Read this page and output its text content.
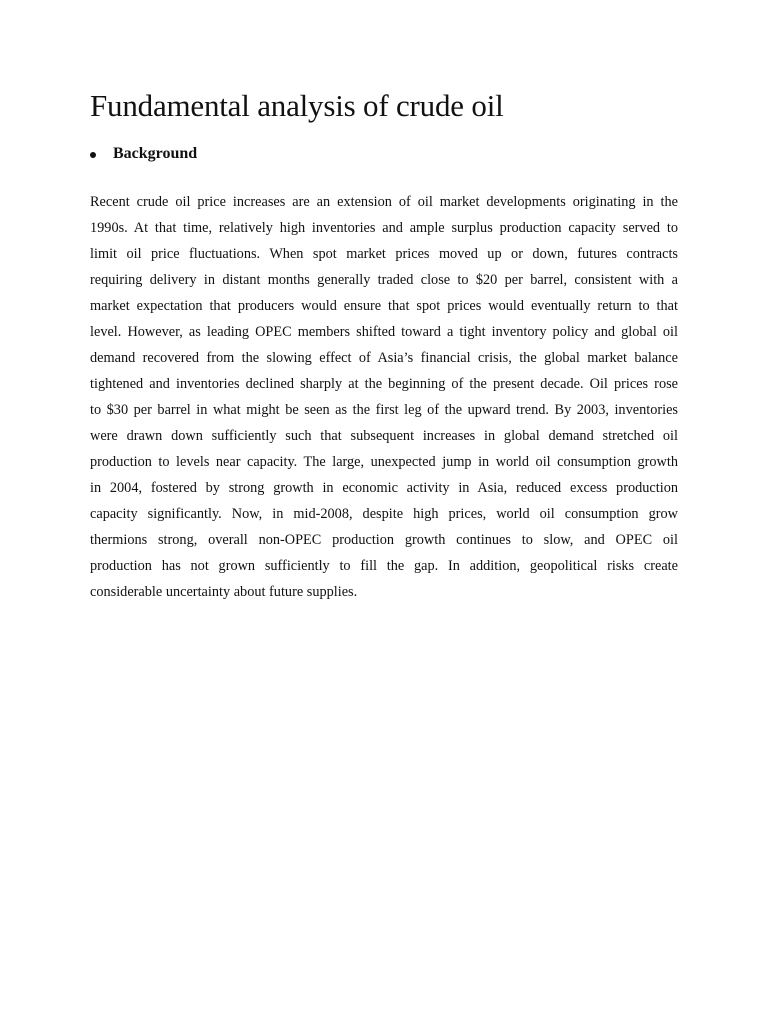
Fundamental analysis of crude oil
Background
Recent crude oil price increases are an extension of oil market developments originating in the
1990s. At that time, relatively high inventories and ample surplus production capacity served to
limit oil price fluctuations. When spot market prices moved up or down, futures contracts
requiring delivery in distant months generally traded close to $20 per barrel, consistent with a
market expectation that producers would ensure that spot prices would eventually return to that
level. However, as leading OPEC members shifted toward a tight inventory policy and global oil
demand recovered from the slowing effect of Asia’s financial crisis, the global market balance
tightened and inventories declined sharply at the beginning of the present decade. Oil prices rose
to $30 per barrel in what might be seen as the first leg of the upward trend. By 2003, inventories
were drawn down sufficiently such that subsequent increases in global demand stretched oil
production to levels near capacity. The large, unexpected jump in world oil consumption growth
in 2004, fostered by strong growth in economic activity in Asia, reduced excess production
capacity significantly. Now, in mid-2008, despite high prices, world oil consumption grow
thermions strong, overall non-OPEC production growth continues to slow, and OPEC oil
production has not grown sufficiently to fill the gap. In addition, geopolitical risks create
considerable uncertainty about future supplies.
